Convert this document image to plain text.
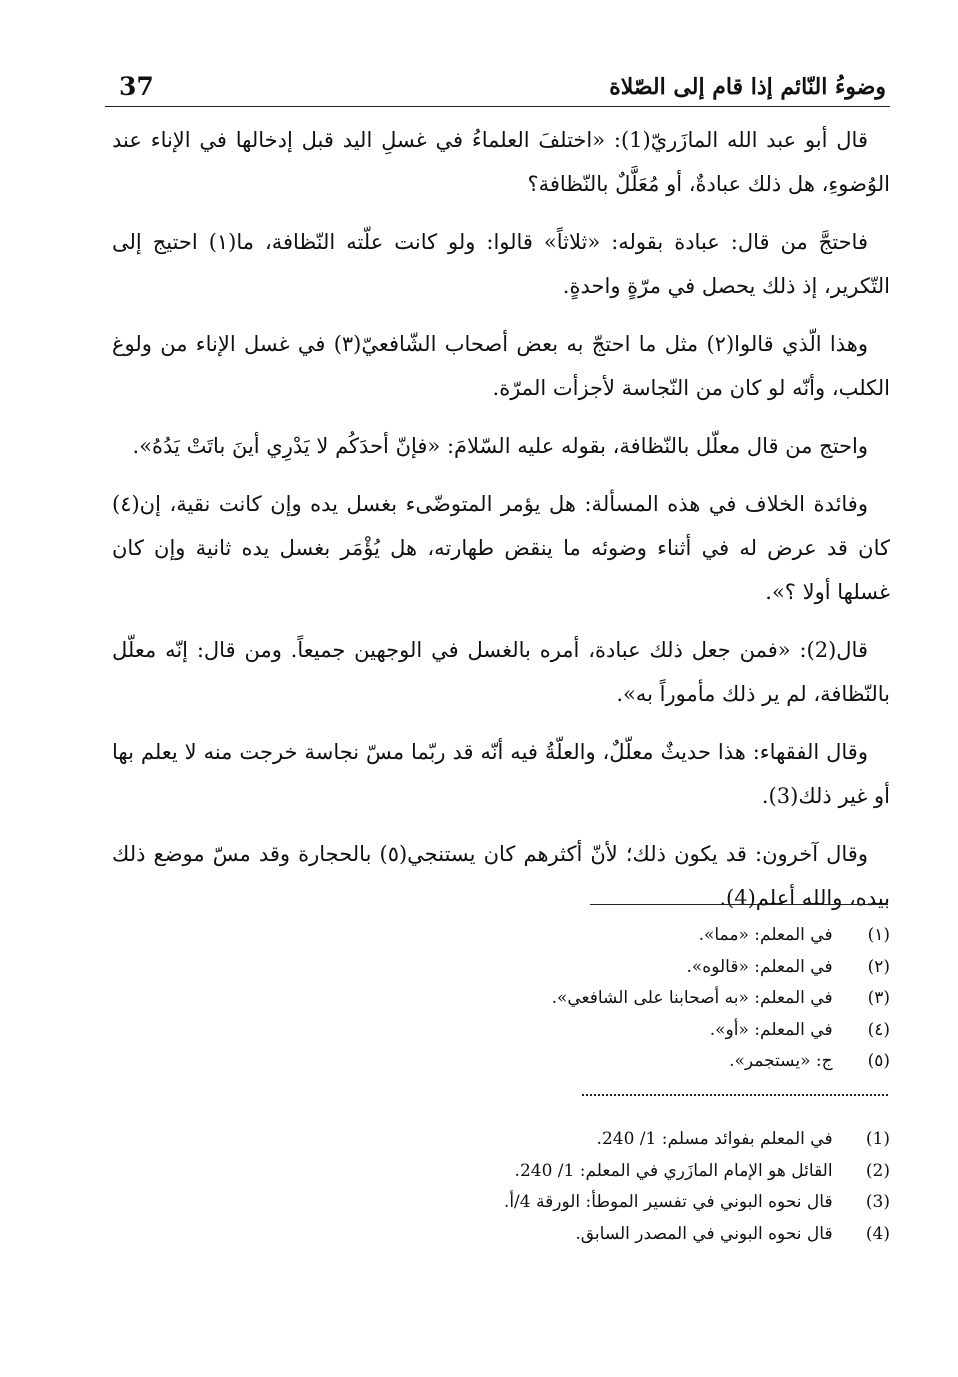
37	وضوءُ النّائم إذا قام إلى الصّلاة

قال أبو عبد الله المازَريّ(1): «اختلفَ العلماءُ في غسلِ اليد قبل إدخالها في الإناء عند الوُضوءِ، هل ذلك عبادةٌ، أو مُعَلَّلٌ بالنّظافة؟

فاحتجَّ من قال: عبادة بقوله: «ثلاثاً» قالوا: ولو كانت علّته النّظافة، ما(١) احتيج إلى التّكرير، إذ ذلك يحصل في مرّةٍ واحدةٍ.

وهذا الّذي قالوا(٢) مثل ما احتجّ به بعض أصحاب الشّافعيّ(٣) في غسل الإناء من ولوغ الكلب، وأنّه لو كان من النّجاسة لأجزأت المرّة.

واحتج من قال معلّل بالنّظافة، بقوله عليه السّلامَ: «فإنّ أحدَكُم لا يَدْرِي أينَ باتَتْ يَدُهُ».

وفائدة الخلاف في هذه المسألة: هل يؤمر المتوضّىء بغسل يده وإن كانت نقية، إن(٤) كان قد عرض له في أثناء وضوئه ما ينقض طهارته، هل يُؤْمَر بغسل يده ثانية وإن كان غسلها أولا ؟».

قال(2): «فمن جعل ذلك عبادة، أمره بالغسل في الوجهين جميعاً. ومن قال: إنّه معلّل بالنّظافة، لم ير ذلك مأموراً به».

وقال الفقهاء: هذا حديثٌ معلّلٌ، والعلّةُ فيه أنّه قد ربّما مسّ نجاسة خرجت منه لا يعلم بها أو غير ذلك(3).

وقال آخرون: قد يكون ذلك؛ لأنّ أكثرهم كان يستنجي(٥) بالحجارة وقد مسّ موضع ذلك بيده، والله أعلم(4).

(١) في المعلم: «مما».
(٢) في المعلم: «قالوه».
(٣) في المعلم: «به أصحابنا على الشافعي».
(٤) في المعلم: «أو».
(٥) ج: «يستجمر».
(1) في المعلم بفوائد مسلم: 1/ 240.
(2) القائل هو الإمام المازَري في المعلم: 1/ 240.
(3) قال نحوه البوني في تفسير الموطأ: الورقة 4/أ.
(4) قال نحوه البوني في المصدر السابق.
